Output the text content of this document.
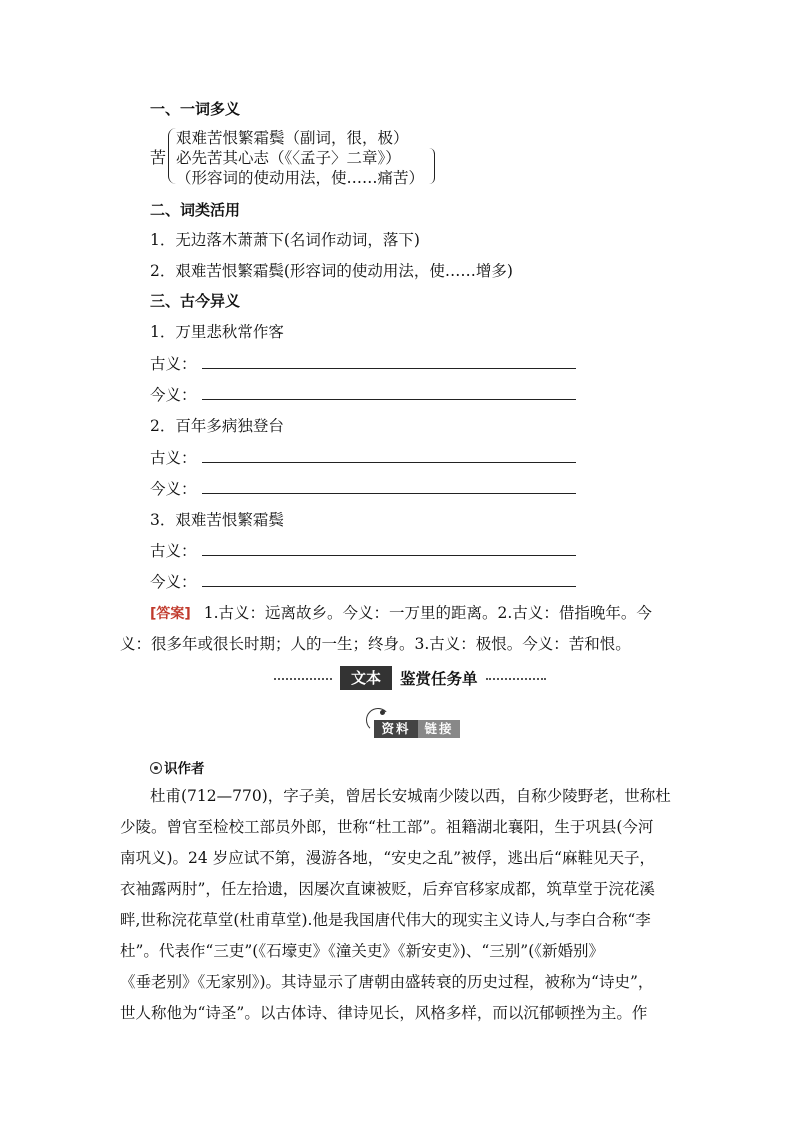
一、一词多义
苦
艰难苦恨繁霜鬓（副词，很，极）
必先苦其心志（《〈孟子〉二章》）
（形容词的使动用法，使……痛苦）
二、词类活用
1．无边落木萧萧下(名词作动词，落下)
2．艰难苦恨繁霜鬓(形容词的使动用法，使……增多)
三、古今异义
1．万里悲秋常作客
古义：
今义：
2．百年多病独登台
古义：
今义：
3．艰难苦恨繁霜鬓
古义：
今义：
[答案] 1.古义：远离故乡。今义：一万里的距离。2.古义：借指晚年。今
义：很多年或很长时期；人的一生；终身。3.古义：极恨。今义：苦和恨。
文本	鉴赏任务单
资料	链接
识作者
杜甫(712—770)，字子美，曾居长安城南少陵以西，自称少陵野老，世称杜
少陵。曾官至检校工部员外郎，世称“杜工部”。祖籍湖北襄阳，生于巩县(今河
南巩义)。24 岁应试不第，漫游各地，“安史之乱”被俘，逃出后“麻鞋见天子，
衣袖露两肘”，任左拾遗，因屡次直谏被贬，后弃官移家成都，筑草堂于浣花溪
畔,世称浣花草堂(杜甫草堂).他是我国唐代伟大的现实主义诗人,与李白合称“李
杜”。代表作“三吏”(《石壕吏》《潼关吏》《新安吏》)、“三别”(《新婚别》
《垂老别》《无家别》)。其诗显示了唐朝由盛转衰的历史过程，被称为“诗史”，
世人称他为“诗圣”。以古体诗、律诗见长，风格多样，而以沉郁顿挫为主。作
